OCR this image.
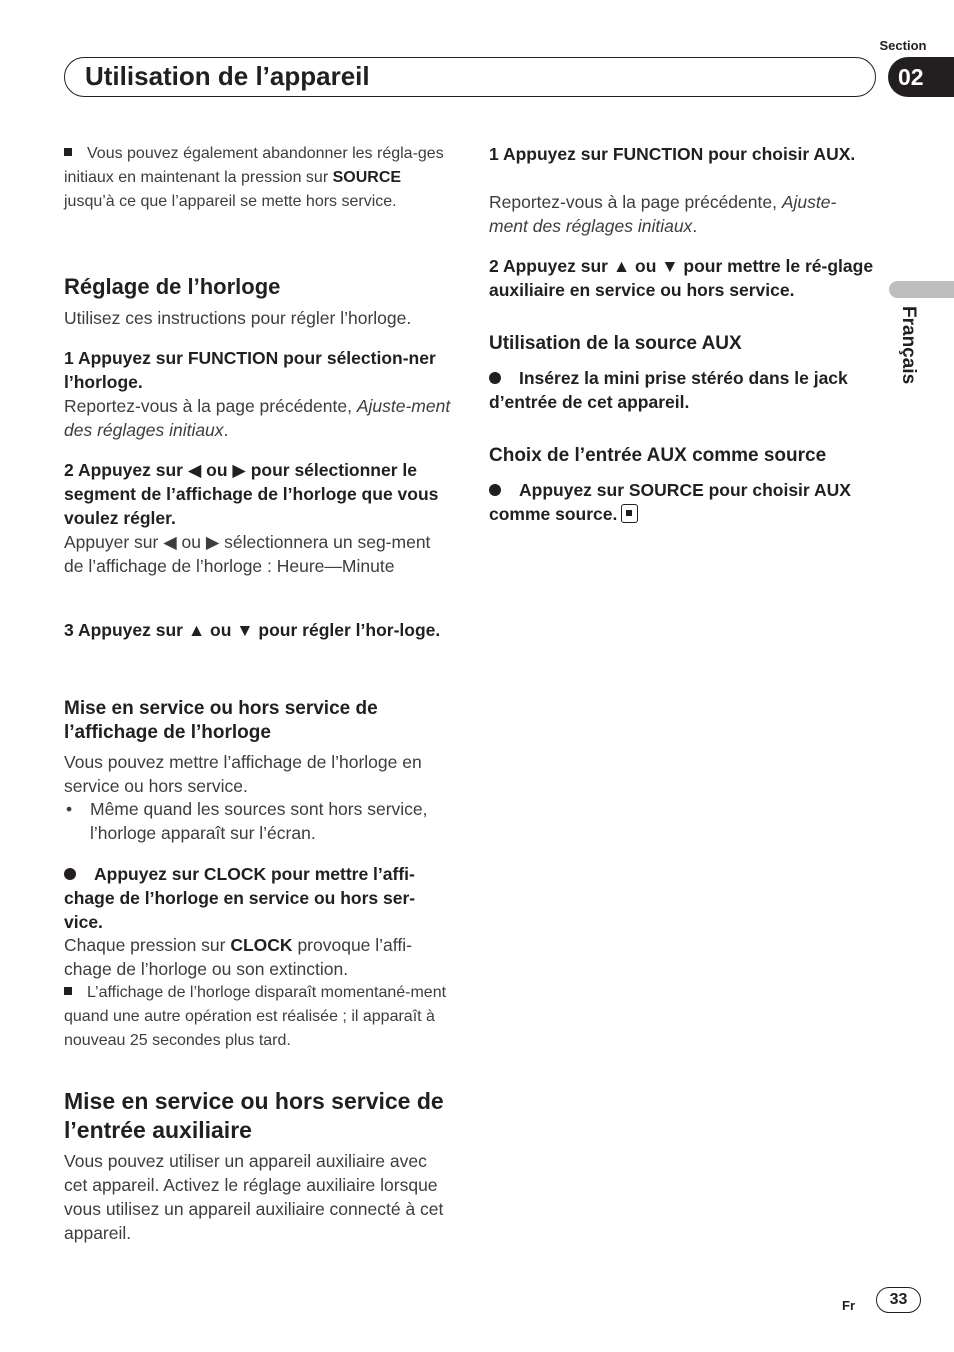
Section
Utilisation de l’appareil	02
Français
Vous pouvez également abandonner les régla-ges initiaux en maintenant la pression sur SOURCE jusqu’à ce que l’appareil se mette hors service.
Réglage de l’horloge
Utilisez ces instructions pour régler l’horloge.
1 Appuyez sur FUNCTION pour sélection-ner l’horloge.
Reportez-vous à la page précédente, Ajuste-ment des réglages initiaux.
2 Appuyez sur ◀ ou ▶ pour sélectionner le segment de l’affichage de l’horloge que vous voulez régler.
Appuyer sur ◀ ou ▶ sélectionnera un seg-ment de l’affichage de l’horloge : Heure—Minute
3 Appuyez sur ▲ ou ▼ pour régler l’hor-loge.
Mise en service ou hors service de l’affichage de l’horloge
Vous pouvez mettre l’affichage de l’horloge en service ou hors service.
• Même quand les sources sont hors service, l’horloge apparaît sur l’écran.
Appuyez sur CLOCK pour mettre l’affi-chage de l’horloge en service ou hors ser-vice.
Chaque pression sur CLOCK provoque l’affi-chage de l’horloge ou son extinction.
L’affichage de l’horloge disparaît momentané-ment quand une autre opération est réalisée ; il apparaît à nouveau 25 secondes plus tard.
Mise en service ou hors service de l’entrée auxiliaire
Vous pouvez utiliser un appareil auxiliaire avec cet appareil. Activez le réglage auxiliaire lorsque vous utilisez un appareil auxiliaire connecté à cet appareil.
1 Appuyez sur FUNCTION pour choisir AUX.
Reportez-vous à la page précédente, Ajuste-ment des réglages initiaux.
2 Appuyez sur ▲ ou ▼ pour mettre le ré-glage auxiliaire en service ou hors service.
Utilisation de la source AUX
Insérez la mini prise stéréo dans le jack d’entrée de cet appareil.
Choix de l’entrée AUX comme source
Appuyez sur SOURCE pour choisir AUX comme source.
Fr	33
